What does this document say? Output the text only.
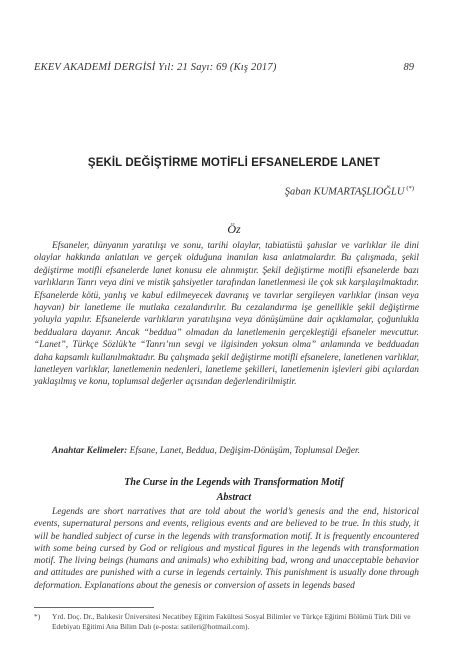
EKEV AKADEMİ DERGİSİ Yıl: 21 Sayı: 69 (Kış 2017)	89
ŞEKİL DEĞİŞTİRME MOTİFLİ EFSANELERDE LANET
Şaban KUMARTAŞLIOĞLU (*)
Öz

Efsaneler, dünyanın yaratılışı ve sonu, tarihi olaylar, tabiatüstü şahıslar ve varlıklar ile dini olaylar hakkında anlatılan ve gerçek olduğuna inanılan kısa anlatmalardır. Bu çalışmada, şekil değiştirme motifli efsanelerde lanet konusu ele alınmıştır. Şekil değiştirme motifli efsanelerde bazı varlıkların Tanrı veya dini ve mistik şahsiyetler tarafından lanetlenmesi ile çok sık karşılaşılmaktadır. Efsanelerde kötü, yanlış ve kabul edilmeyecek davranış ve tavırlar sergileyen varlıklar (insan veya hayvan) bir lanetleme ile mutlaka cezalandırılır. Bu cezalandırma işe genellikle şekil değiştirme yoluyla yapılır. Efsanelerde varlıkların yaratılışına veya dönüşümüne dair açıklamalar, çoğunlukla beddualara dayanır. Ancak “beddua” olmadan da lanetlemenin gerçekleştiği efsaneler mevcuttur. “Lanet”, Türkçe Sözlük’te “Tanrı’nın sevgi ve ilgisinden yoksun olma” anlamında ve bedduadan daha kapsamlı kullanılmaktadır. Bu çalışmada şekil değiştirme motifli efsanelere, lanetlenen varlıklar, lanetleyen varlıklar, lanetlemenin nedenleri, lanetleme şekilleri, lanetlemenin işlevleri gibi açılardan yaklaşılmış ve konu, toplumsal değerler açısından değerlendirilmiştir.

Anahtar Kelimeler: Efsane, Lanet, Beddua, Değişim-Dönüşüm, Toplumsal Değer.

The Curse in the Legends with Transformation Motif
Abstract

Legends are short narratives that are told about the world’s genesis and the end, historical events, supernatural persons and events, religious events and are believed to be true. In this study, it will be handled subject of curse in the legends with transformation motif. It is frequently encountered with some being cursed by God or religious and mystical figures in the legends with transformation motif. The living beings (humans and animals) who exhibiting bad, wrong and unacceptable behavior and attitudes are punished with a curse in legends certainly. This punishment is usually done through deformation. Explanations about the genesis or conversion of assets in legends based

*) Yrd. Doç. Dr., Balıkesir Üniversitesi Necatibey Eğitim Fakültesi Sosyal Bilimler ve Türkçe Eğitimi Bölümü Türk Dili ve Edebiyatı Eğitimi Ana Bilim Dalı (e-posta: satileri@hotmail.com).
